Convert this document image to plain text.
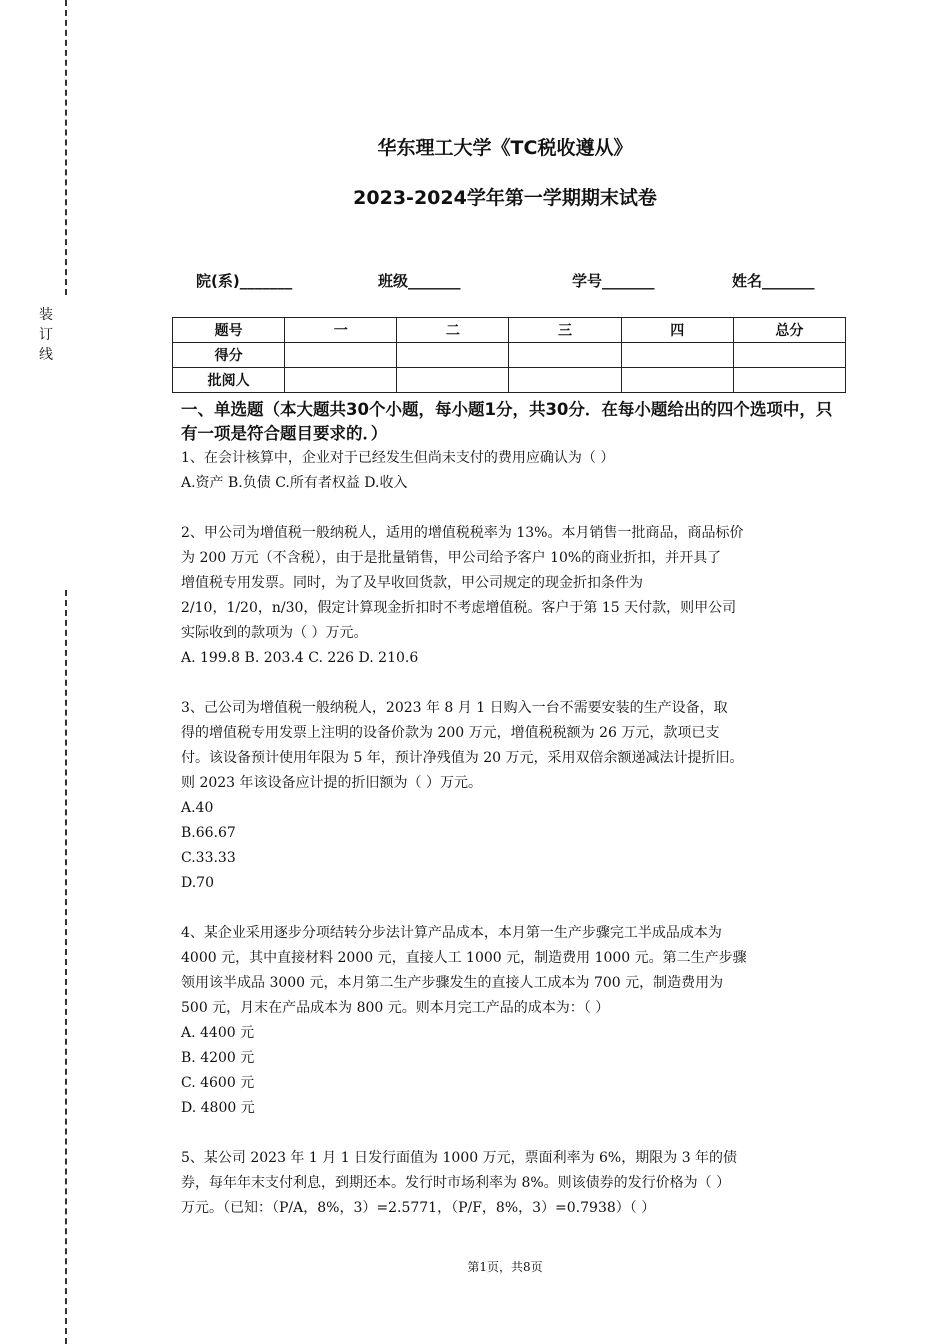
装订线
华东理工大学《TC税收遵从》
2023-2024学年第一学期期末试卷
院(系)_______	班级_______	学号_______	姓名_______
题号	一	二	三	四	总分
得分					
批阅人					
一、单选题（本大题共30个小题，每小题1分，共30分．在每小题给出的四个选项中，只有一项是符合题目要求的．）
1、在会计核算中，企业对于已经发生但尚未支付的费用应确认为（ ）
A.资产 B.负债 C.所有者权益 D.收入
2、甲公司为增值税一般纳税人，适用的增值税税率为 13%。本月销售一批商品，商品标价
为 200 万元（不含税），由于是批量销售，甲公司给予客户 10%的商业折扣，并开具了
增值税专用发票。同时，为了及早收回货款，甲公司规定的现金折扣条件为
2/10，1/20，n/30，假定计算现金折扣时不考虑增值税。客户于第 15 天付款，则甲公司
实际收到的款项为（ ）万元。
A. 199.8 B. 203.4 C. 226 D. 210.6
3、己公司为增值税一般纳税人，2023 年 8 月 1 日购入一台不需要安装的生产设备，取
得的增值税专用发票上注明的设备价款为 200 万元，增值税税额为 26 万元，款项已支
付。该设备预计使用年限为 5 年，预计净残值为 20 万元，采用双倍余额递减法计提折旧。
则 2023 年该设备应计提的折旧额为（ ）万元。
A.40
B.66.67
C.33.33
D.70
4、某企业采用逐步分项结转分步法计算产品成本，本月第一生产步骤完工半成品成本为
4000 元，其中直接材料 2000 元，直接人工 1000 元，制造费用 1000 元。第二生产步骤
领用该半成品 3000 元，本月第二生产步骤发生的直接人工成本为 700 元，制造费用为
500 元，月末在产品成本为 800 元。则本月完工产品的成本为：（ ）
A. 4400 元
B. 4200 元
C. 4600 元
D. 4800 元
5、某公司 2023 年 1 月 1 日发行面值为 1000 万元，票面利率为 6%，期限为 3 年的债
券，每年年末支付利息，到期还本。发行时市场利率为 8%。则该债券的发行价格为（ ）
万元。（已知：（P/A，8%，3）=2.5771，（P/F，8%，3）=0.7938）（ ）
第1页，共8页
